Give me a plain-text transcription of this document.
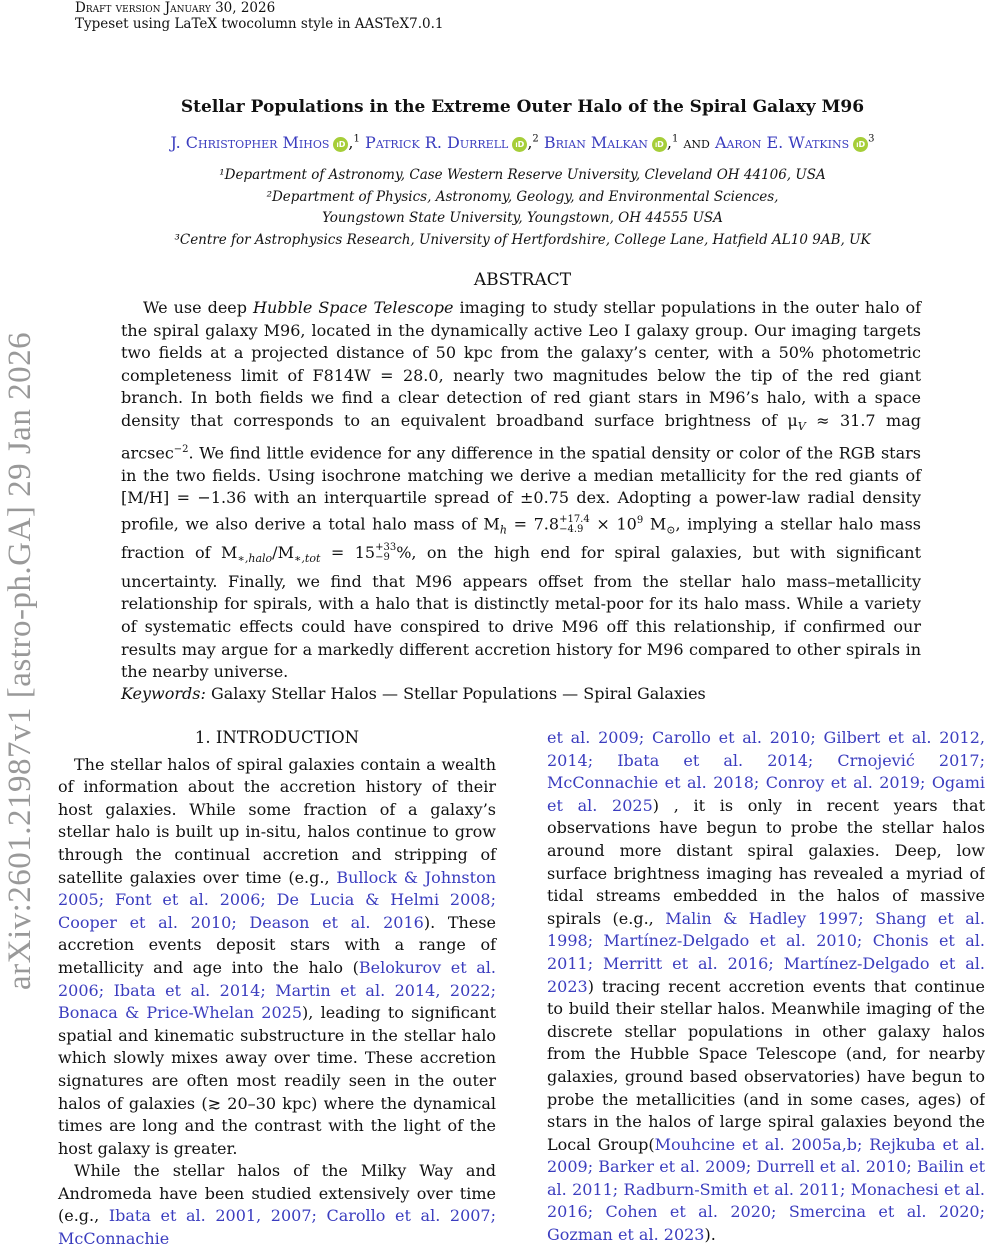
Draft version January 30, 2026
Typeset using LaTeX twocolumn style in AASTeX7.0.1
arXiv:2601.21987v1 [astro-ph.GA] 29 Jan 2026
Stellar Populations in the Extreme Outer Halo of the Spiral Galaxy M96
J. Christopher Mihos iD ,$^1$ Patrick R. Durrell iD ,$^2$ Brian Malkan iD ,$^1$ and Aaron E. Watkins iD $^3$
¹Department of Astronomy, Case Western Reserve University, Cleveland OH 44106, USA
²Department of Physics, Astronomy, Geology, and Environmental Sciences,
Youngstown State University, Youngstown, OH 44555 USA
³Centre for Astrophysics Research, University of Hertfordshire, College Lane, Hatfield AL10 9AB, UK
ABSTRACT
We use deep Hubble Space Telescope imaging to study stellar populations in the outer halo of the spiral galaxy M96, located in the dynamically active Leo I galaxy group. Our imaging targets two fields at a projected distance of 50 kpc from the galaxy’s center, with a 50% photometric completeness limit of F814W = 28.0, nearly two magnitudes below the tip of the red giant branch. In both fields we find a clear detection of red giant stars in M96’s halo, with a space density that corresponds to an equivalent broadband surface brightness of $\mu_V \approx 31.7$ mag arcsec$^{-2}$. We find little evidence for any difference in the spatial density or color of the RGB stars in the two fields. Using isochrone matching we derive a median metallicity for the red giants of [M/H] = −1.36 with an interquartile spread of ±0.75 dex. Adopting a power-law radial density profile, we also derive a total halo mass of $M_h = 7.8 +17.4$
$-4.9 \times 10^9$ $M_⊙$, implying a stellar halo mass fraction of $M_{∗,halo}/M_{∗,tot} = 15 +33$
−9 %, on the high end for spiral galaxies, but with significant uncertainty. Finally, we find that M96 appears offset from the stellar halo mass–metallicity relationship for spirals, with a halo that is distinctly metal-poor for its halo mass. While a variety of systematic effects could have conspired to drive M96 off this relationship, if confirmed our results may argue for a markedly different accretion history for M96 compared to other spirals in the nearby universe.
Keywords: Galaxy Stellar Halos — Stellar Populations — Spiral Galaxies
1. INTRODUCTION

The stellar halos of spiral galaxies contain a wealth of information about the accretion history of their host galaxies. While some fraction of a galaxy’s stellar halo is built up in-situ, halos continue to grow through the continual accretion and stripping of satellite galaxies over time (e.g., Bullock & Johnston 2005; Font et al. 2006; De Lucia & Helmi 2008; Cooper et al. 2010; Deason et al. 2016). These accretion events deposit stars with a range of metallicity and age into the halo (Belokurov et al. 2006; Ibata et al. 2014; Martin et al. 2014, 2022; Bonaca & Price-Whelan 2025), leading to significant spatial and kinematic substructure in the stellar halo which slowly mixes away over time. These accretion signatures are often most readily seen in the outer halos of galaxies (≳ 20–30 kpc) where the dynamical times are long and the contrast with the light of the host galaxy is greater.

While the stellar halos of the Milky Way and Andromeda have been studied extensively over time (e.g., Ibata et al. 2001, 2007; Carollo et al. 2007; McConnachie

et al. 2009; Carollo et al. 2010; Gilbert et al. 2012, 2014; Ibata et al. 2014; Crnojević 2017; McConnachie et al. 2018; Conroy et al. 2019; Ogami et al. 2025) , it is only in recent years that observations have begun to probe the stellar halos around more distant spiral galaxies. Deep, low surface brightness imaging has revealed a myriad of tidal streams embedded in the halos of massive spirals (e.g., Malin & Hadley 1997; Shang et al. 1998; Martínez-Delgado et al. 2010; Chonis et al. 2011; Merritt et al. 2016; Martínez-Delgado et al. 2023) tracing recent accretion events that continue to build their stellar halos. Meanwhile imaging of the discrete stellar populations in other galaxy halos from the Hubble Space Telescope (and, for nearby galaxies, ground based observatories) have begun to probe the metallicities (and in some cases, ages) of stars in the halos of large spiral galaxies beyond the Local Group(Mouhcine et al. 2005a,b; Rejkuba et al. 2009; Barker et al. 2009; Durrell et al. 2010; Bailin et al. 2011; Radburn-Smith et al. 2011; Monachesi et al. 2016; Cohen et al. 2020; Smercina et al. 2020; Gozman et al. 2023).
